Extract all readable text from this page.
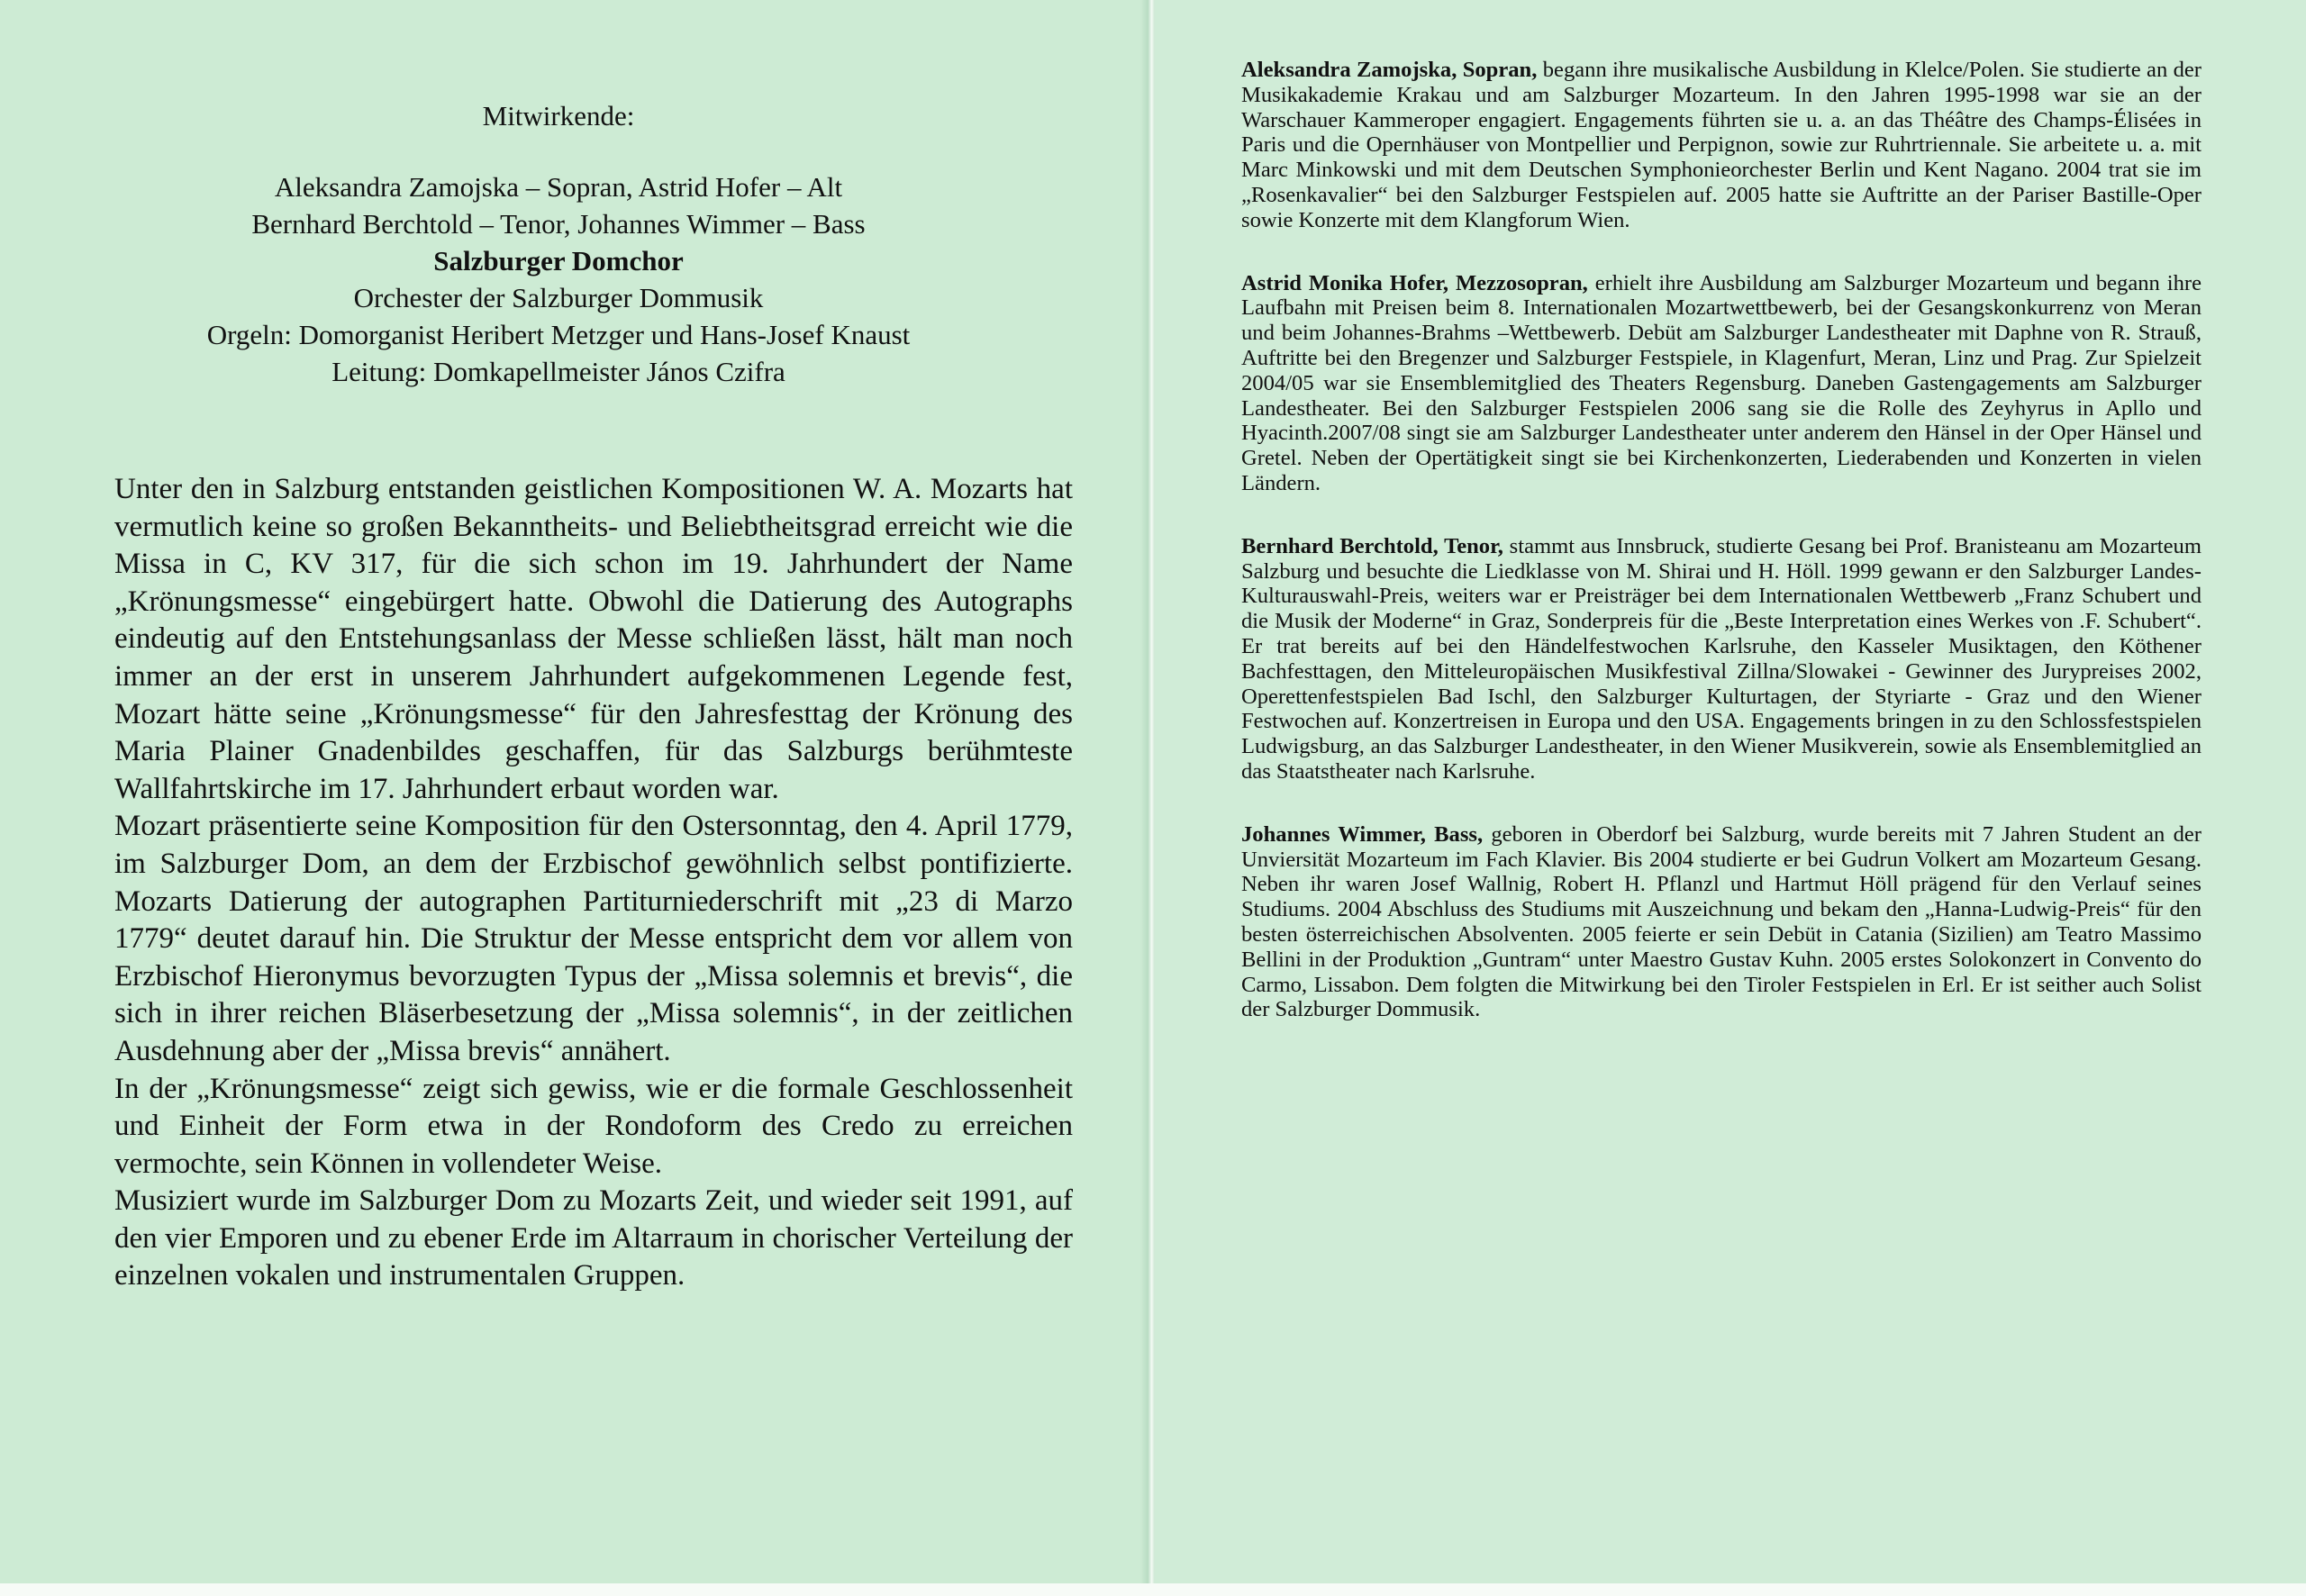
Mitwirkende:
Aleksandra Zamojska – Sopran, Astrid Hofer – Alt
Bernhard Berchtold – Tenor, Johannes Wimmer – Bass
Salzburger Domchor
Orchester der Salzburger Dommusik
Orgeln: Domorganist Heribert Metzger und Hans-Josef Knaust
Leitung: Domkapellmeister János Czifra

Unter den in Salzburg entstanden geistlichen Kompositionen W. A. Mozarts hat vermutlich keine so großen Bekanntheits- und Beliebtheitsgrad erreicht wie die Missa in C, KV 317, für die sich schon im 19. Jahrhundert der Name „Krönungsmesse“ eingebürgert hatte. Obwohl die Datierung des Autographs eindeutig auf den Entstehungsanlass der Messe schließen lässt, hält man noch immer an der erst in unserem Jahrhundert aufgekommenen Legende fest, Mozart hätte seine „Krönungsmesse“ für den Jahresfesttag der Krönung des Maria Plainer Gnadenbildes geschaffen, für das Salzburgs berühmteste Wallfahrtskirche im 17. Jahrhundert erbaut worden war.

Mozart präsentierte seine Komposition für den Ostersonntag, den 4. April 1779, im Salzburger Dom, an dem der Erzbischof gewöhnlich selbst pontifizierte. Mozarts Datierung der autographen Partiturniederschrift mit „23 di Marzo 1779“ deutet darauf hin. Die Struktur der Messe entspricht dem vor allem von Erzbischof Hieronymus bevorzugten Typus der „Missa solemnis et brevis“, die sich in ihrer reichen Bläserbesetzung der „Missa solemnis“, in der zeitlichen Ausdehnung aber der „Missa brevis“ annähert.

In der „Krönungsmesse“ zeigt sich gewiss, wie er die formale Geschlossenheit und Einheit der Form etwa in der Rondoform des Credo zu erreichen vermochte, sein Können in vollendeter Weise.

Musiziert wurde im Salzburger Dom zu Mozarts Zeit, und wieder seit 1991, auf den vier Emporen und zu ebener Erde im Altarraum in chorischer Verteilung der einzelnen vokalen und instrumentalen Gruppen.

Aleksandra Zamojska, Sopran, begann ihre musikalische Ausbildung in Klelce/Polen. Sie studierte an der Musikakademie Krakau und am Salzburger Mozarteum. In den Jahren 1995-1998 war sie an der Warschauer Kammeroper engagiert. Engagements führten sie u. a. an das Théâtre des Champs-Élisées in Paris und die Opernhäuser von Montpellier und Perpignon, sowie zur Ruhrtriennale. Sie arbeitete u. a. mit Marc Minkowski und mit dem Deutschen Symphonieorchester Berlin und Kent Nagano. 2004 trat sie im „Rosenkavalier“ bei den Salzburger Festspielen auf. 2005 hatte sie Auftritte an der Pariser Bastille-Oper sowie Konzerte mit dem Klangforum Wien.

Astrid Monika Hofer, Mezzosopran, erhielt ihre Ausbildung am Salzburger Mozarteum und begann ihre Laufbahn mit Preisen beim 8. Internationalen Mozartwettbewerb, bei der Gesangskonkurrenz von Meran und beim Johannes-Brahms –Wettbewerb. Debüt am Salzburger Landestheater mit Daphne von R. Strauß, Auftritte bei den Bregenzer und Salzburger Festspiele, in Klagenfurt, Meran, Linz und Prag. Zur Spielzeit 2004/05 war sie Ensemblemitglied des Theaters Regensburg. Daneben Gastengagements am Salzburger Landestheater. Bei den Salzburger Festspielen 2006 sang sie die Rolle des Zeyhyrus in Apllo und Hyacinth.2007/08 singt sie am Salzburger Landestheater unter anderem den Hänsel in der Oper Hänsel und Gretel. Neben der Opertätigkeit singt sie bei Kirchenkonzerten, Liederabenden und Konzerten in vielen Ländern.

Bernhard Berchtold, Tenor, stammt aus Innsbruck, studierte Gesang bei Prof. Branisteanu am Mozarteum Salzburg und besuchte die Liedklasse von M. Shirai und H. Höll. 1999 gewann er den Salzburger Landes-Kulturauswahl-Preis, weiters war er Preisträger bei dem Internationalen Wettbewerb „Franz Schubert und die Musik der Moderne“ in Graz, Sonderpreis für die „Beste Interpretation eines Werkes von .F. Schubert“. Er trat bereits auf bei den Händelfestwochen Karlsruhe, den Kasseler Musiktagen, den Köthener Bachfesttagen, den Mitteleuropäischen Musikfestival Zillna/Slowakei - Gewinner des Jurypreises 2002, Operettenfestspielen Bad Ischl, den Salzburger Kulturtagen, der Styriarte - Graz und den Wiener Festwochen auf. Konzertreisen in Europa und den USA. Engagements bringen in zu den Schlossfestspielen Ludwigsburg, an das Salzburger Landestheater, in den Wiener Musikverein, sowie als Ensemblemitglied an das Staatstheater nach Karlsruhe.

Johannes Wimmer, Bass, geboren in Oberdorf bei Salzburg, wurde bereits mit 7 Jahren Student an der Unviersität Mozarteum im Fach Klavier. Bis 2004 studierte er bei Gudrun Volkert am Mozarteum Gesang. Neben ihr waren Josef Wallnig, Robert H. Pflanzl und Hartmut Höll prägend für den Verlauf seines Studiums. 2004 Abschluss des Studiums mit Auszeichnung und bekam den „Hanna-Ludwig-Preis“ für den besten österreichischen Absolventen. 2005 feierte er sein Debüt in Catania (Sizilien) am Teatro Massimo Bellini in der Produktion „Guntram“ unter Maestro Gustav Kuhn. 2005 erstes Solokonzert in Convento do Carmo, Lissabon. Dem folgten die Mitwirkung bei den Tiroler Festspielen in Erl. Er ist seither auch Solist der Salzburger Dommusik.
